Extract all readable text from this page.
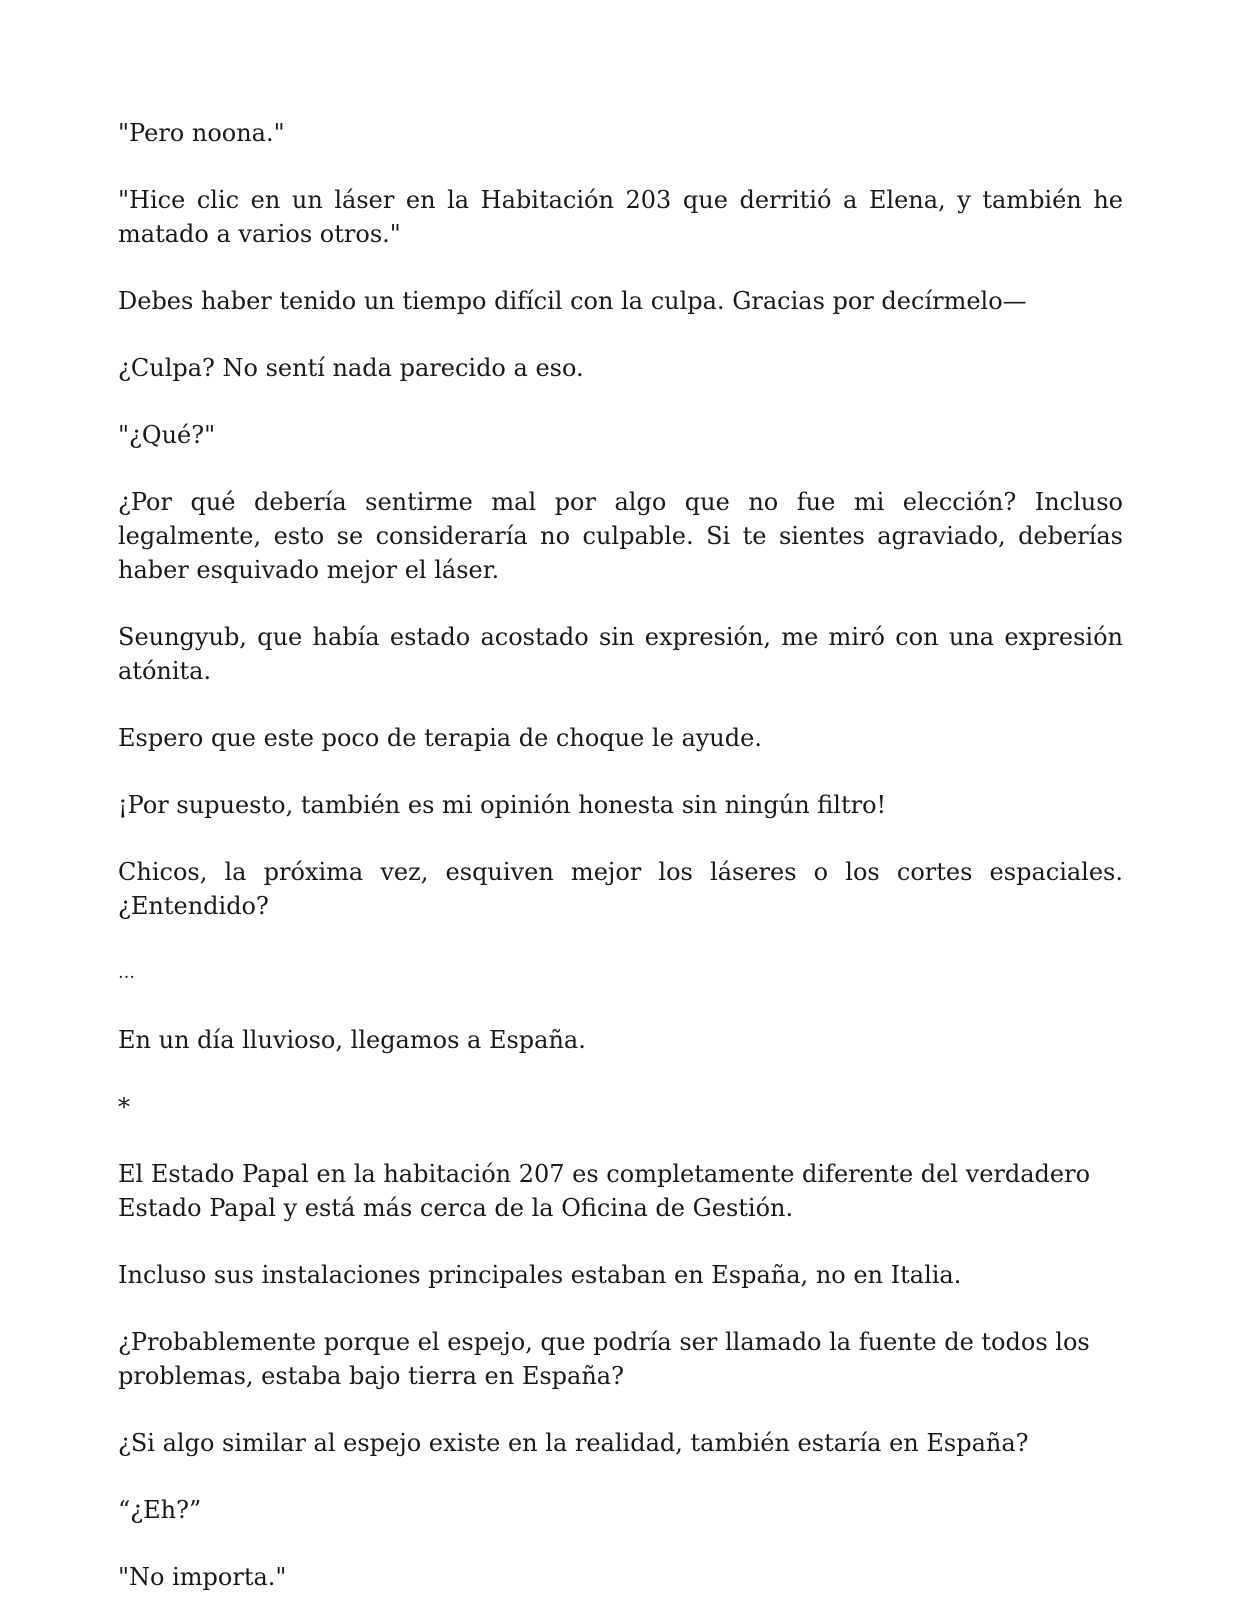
"Pero noona."

"Hice clic en un láser en la Habitación 203 que derritió a Elena, y también he matado a varios otros."

Debes haber tenido un tiempo difícil con la culpa. Gracias por decírmelo—

¿Culpa? No sentí nada parecido a eso.

"¿Qué?"

¿Por qué debería sentirme mal por algo que no fue mi elección? Incluso legalmente, esto se consideraría no culpable. Si te sientes agraviado, deberías haber esquivado mejor el láser.

Seungyub, que había estado acostado sin expresión, me miró con una expresión atónita.

Espero que este poco de terapia de choque le ayude.

¡Por supuesto, también es mi opinión honesta sin ningún filtro!

Chicos, la próxima vez, esquiven mejor los láseres o los cortes espaciales. ¿Entendido?

…

En un día lluvioso, llegamos a España.

*

El Estado Papal en la habitación 207 es completamente diferente del verdadero Estado Papal y está más cerca de la Oficina de Gestión.

Incluso sus instalaciones principales estaban en España, no en Italia.

¿Probablemente porque el espejo, que podría ser llamado la fuente de todos los problemas, estaba bajo tierra en España?

¿Si algo similar al espejo existe en la realidad, también estaría en España?

“¿Eh?”

"No importa."
